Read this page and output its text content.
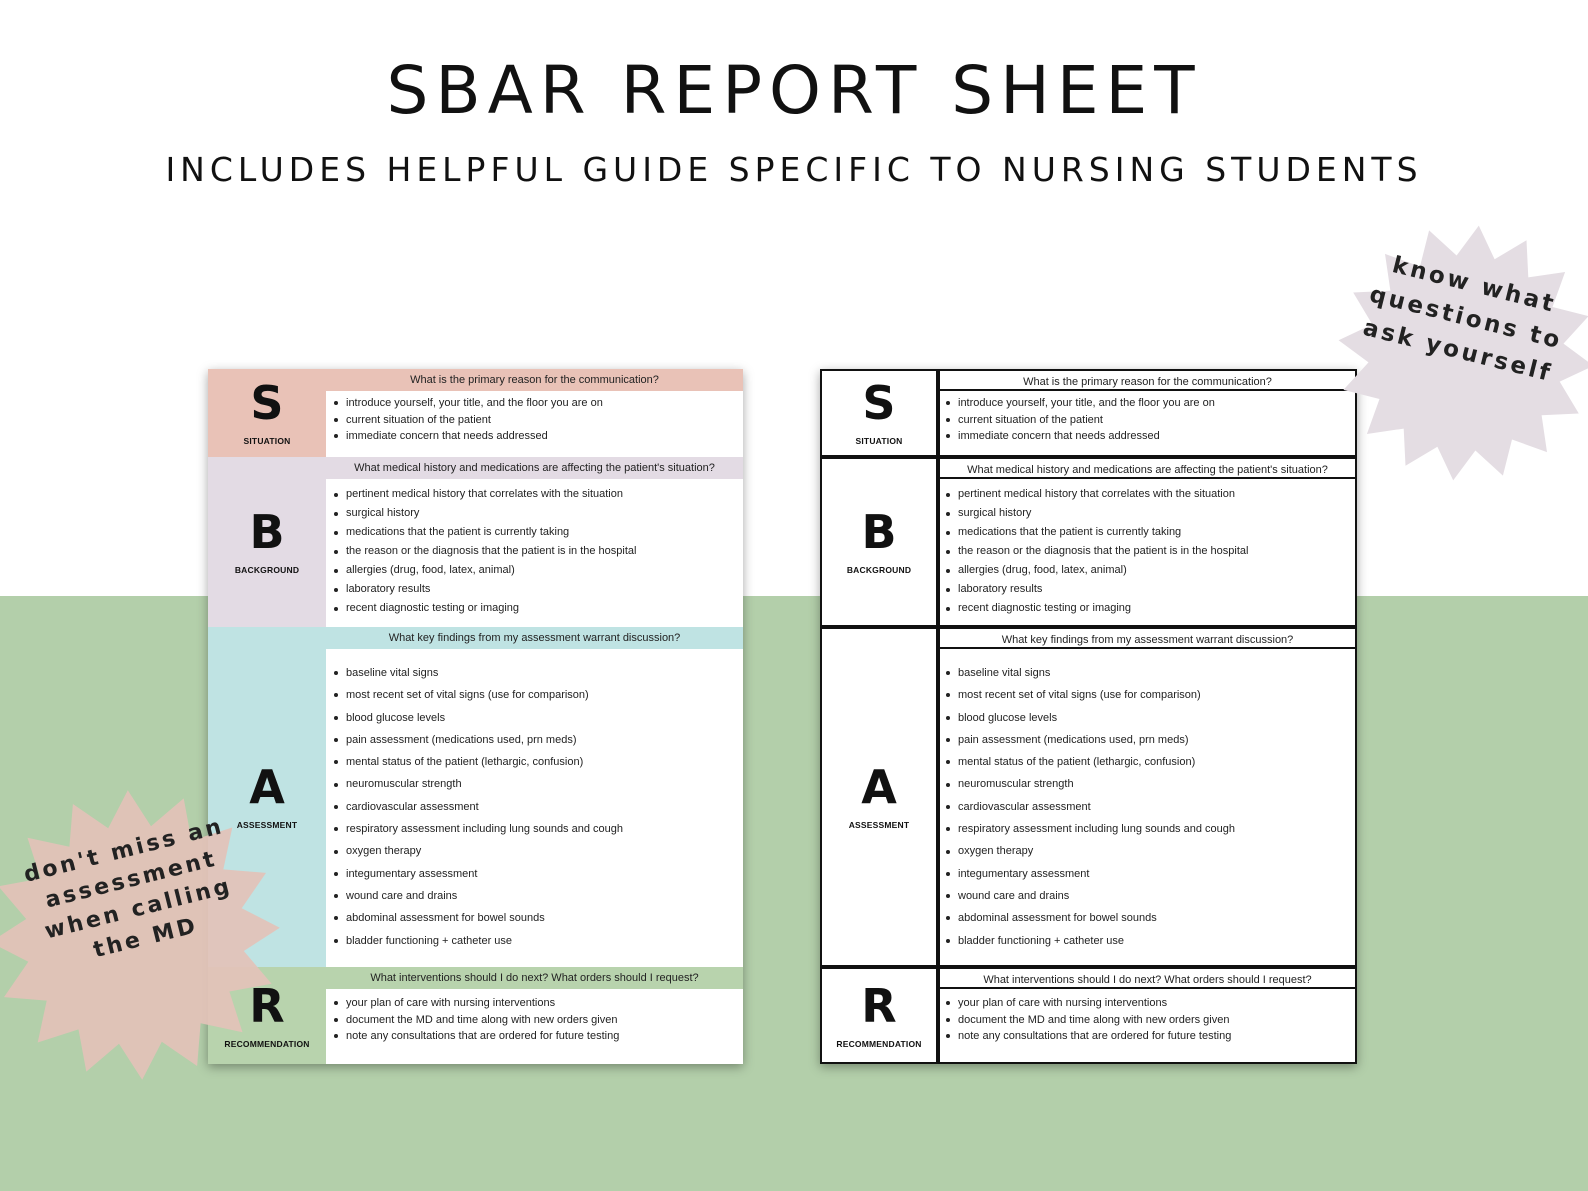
SBAR REPORT SHEET
INCLUDES HELPFUL GUIDE SPECIFIC TO NURSING STUDENTS
S
SITUATION
What is the primary reason for the communication?
introduce yourself, your title, and the floor you are on
current situation of the patient
immediate concern that needs addressed
B
BACKGROUND
What medical history and medications are affecting the patient's situation?
pertinent medical history that correlates with the situation
surgical history
medications that the patient is currently taking
the reason or the diagnosis that the patient is in the hospital
allergies (drug, food, latex, animal)
laboratory results
recent diagnostic testing or imaging
A
ASSESSMENT
What key findings from my assessment warrant discussion?
baseline vital signs
most recent set of vital signs (use for comparison)
blood glucose levels
pain assessment (medications used, prn meds)
mental status of the patient (lethargic, confusion)
neuromuscular strength
cardiovascular assessment
respiratory assessment including lung sounds and cough
oxygen therapy
integumentary assessment
wound care and drains
abdominal assessment for bowel sounds
bladder functioning + catheter use
R
RECOMMENDATION
What interventions should I do next? What orders should I request?
your plan of care with nursing interventions
document the MD and time along with new orders given
note any consultations that are ordered for future testing
S
SITUATION
What is the primary reason for the communication?
introduce yourself, your title, and the floor you are on
current situation of the patient
immediate concern that needs addressed
B
BACKGROUND
What medical history and medications are affecting the patient's situation?
pertinent medical history that correlates with the situation
surgical history
medications that the patient is currently taking
the reason or the diagnosis that the patient is in the hospital
allergies (drug, food, latex, animal)
laboratory results
recent diagnostic testing or imaging
A
ASSESSMENT
What key findings from my assessment warrant discussion?
baseline vital signs
most recent set of vital signs (use for comparison)
blood glucose levels
pain assessment (medications used, prn meds)
mental status of the patient (lethargic, confusion)
neuromuscular strength
cardiovascular assessment
respiratory assessment including lung sounds and cough
oxygen therapy
integumentary assessment
wound care and drains
abdominal assessment for bowel sounds
bladder functioning + catheter use
R
RECOMMENDATION
What interventions should I do next? What orders should I request?
your plan of care with nursing interventions
document the MD and time along with new orders given
note any consultations that are ordered for future testing
know what questions to ask yourself
don't miss an assessment when calling the MD
